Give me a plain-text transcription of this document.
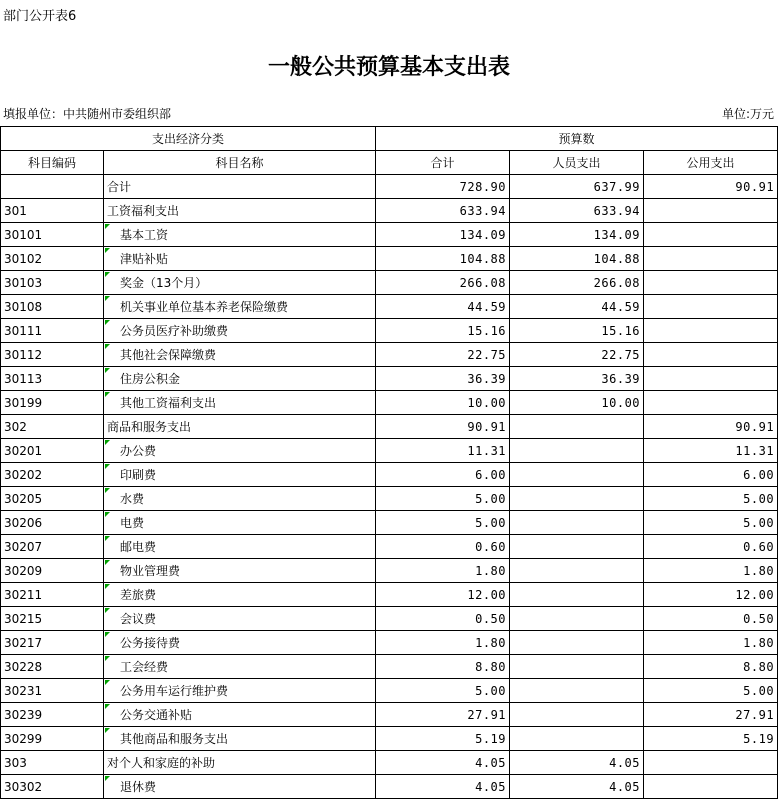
部门公开表6
一般公共预算基本支出表
填报单位：中共随州市委组织部	单位:万元
支出经济分类		预算数		
科目编码	科目名称	合计	人员支出	公用支出
	合计	728.90	637.99	90.91
301	工资福利支出	633.94	633.94	
30101	基本工资	134.09	134.09	
30102	津贴补贴	104.88	104.88	
30103	奖金（13个月）	266.08	266.08	
30108	机关事业单位基本养老保险缴费	44.59	44.59	
30111	公务员医疗补助缴费	15.16	15.16	
30112	其他社会保障缴费	22.75	22.75	
30113	住房公积金	36.39	36.39	
30199	其他工资福利支出	10.00	10.00	
302	商品和服务支出	90.91		90.91
30201	办公费	11.31		11.31
30202	印刷费	6.00		6.00
30205	水费	5.00		5.00
30206	电费	5.00		5.00
30207	邮电费	0.60		0.60
30209	物业管理费	1.80		1.80
30211	差旅费	12.00		12.00
30215	会议费	0.50		0.50
30217	公务接待费	1.80		1.80
30228	工会经费	8.80		8.80
30231	公务用车运行维护费	5.00		5.00
30239	公务交通补贴	27.91		27.91
30299	其他商品和服务支出	5.19		5.19
303	对个人和家庭的补助	4.05	4.05	
30302	退休费	4.05	4.05	
